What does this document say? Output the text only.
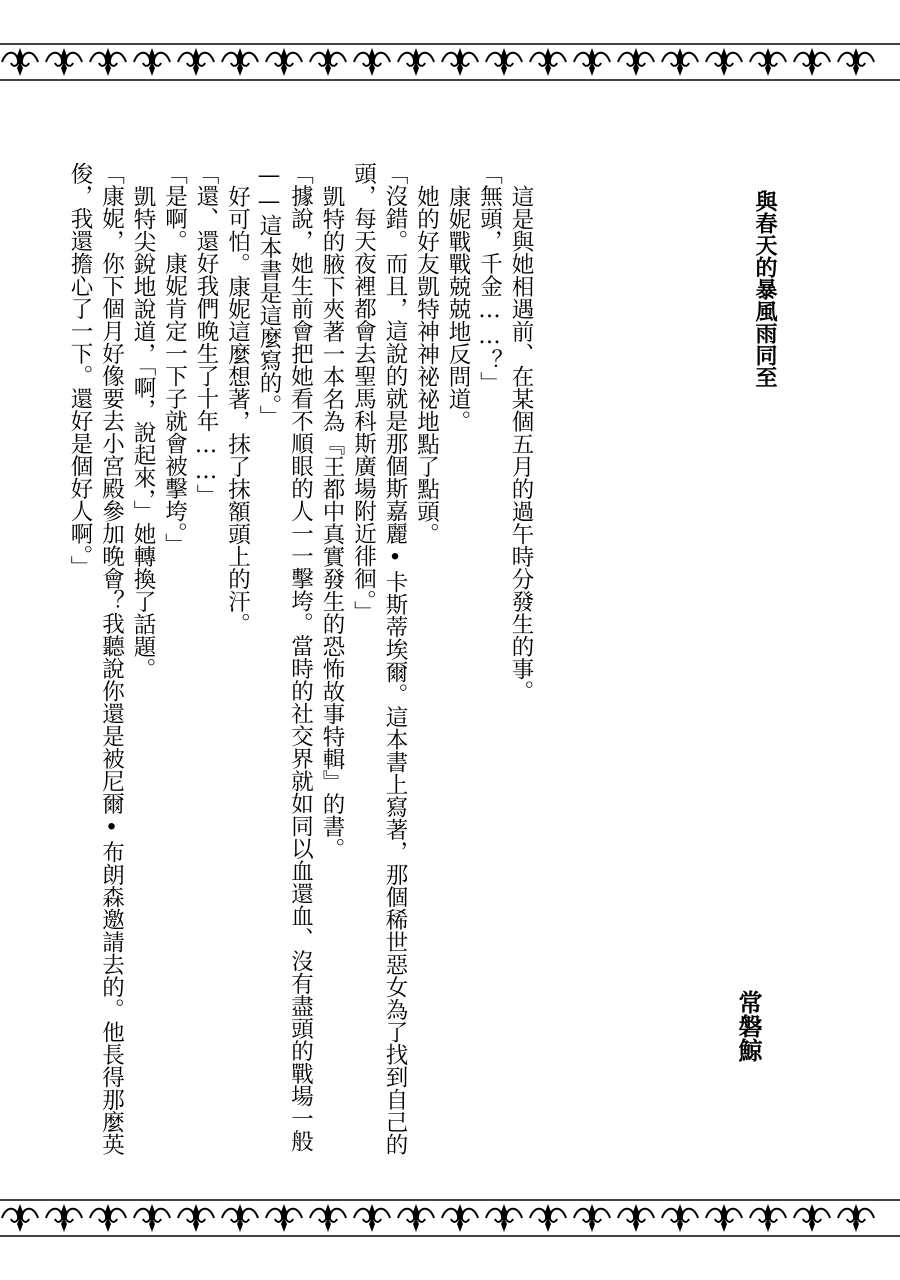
與春天的暴風雨同至
常磐鯨

這是與她相遇前、在某個五月的過午時分發生的事。

「無頭，千金……？」

康妮戰戰兢兢地反問道。

她的好友凱特神神祕祕地點了點頭。

「沒錯。而且，這說的就是那個斯嘉麗•卡斯蒂埃爾。這本書上寫著，那個稀世惡女為了找到自己的頭，每天夜裡都會去聖馬科斯廣場附近徘徊。」

凱特的腋下夾著一本名為『王都中真實發生的恐怖故事特輯』的書。

「據說，她生前會把她看不順眼的人一一擊垮。當時的社交界就如同以血還血、沒有盡頭的戰場一般——這本書是這麼寫的。」

好可怕。康妮這麼想著，抹了抹額頭上的汗。

「還、還好我們晚生了十年……」

「是啊。康妮肯定一下子就會被擊垮。」

凱特尖銳地說道，「啊，說起來，」她轉換了話題。

「康妮，你下個月好像要去小宮殿參加晚會？我聽說你還是被尼爾•布朗森邀請去的。他長得那麼英俊，我還擔心了一下。還好是個好人啊。」
